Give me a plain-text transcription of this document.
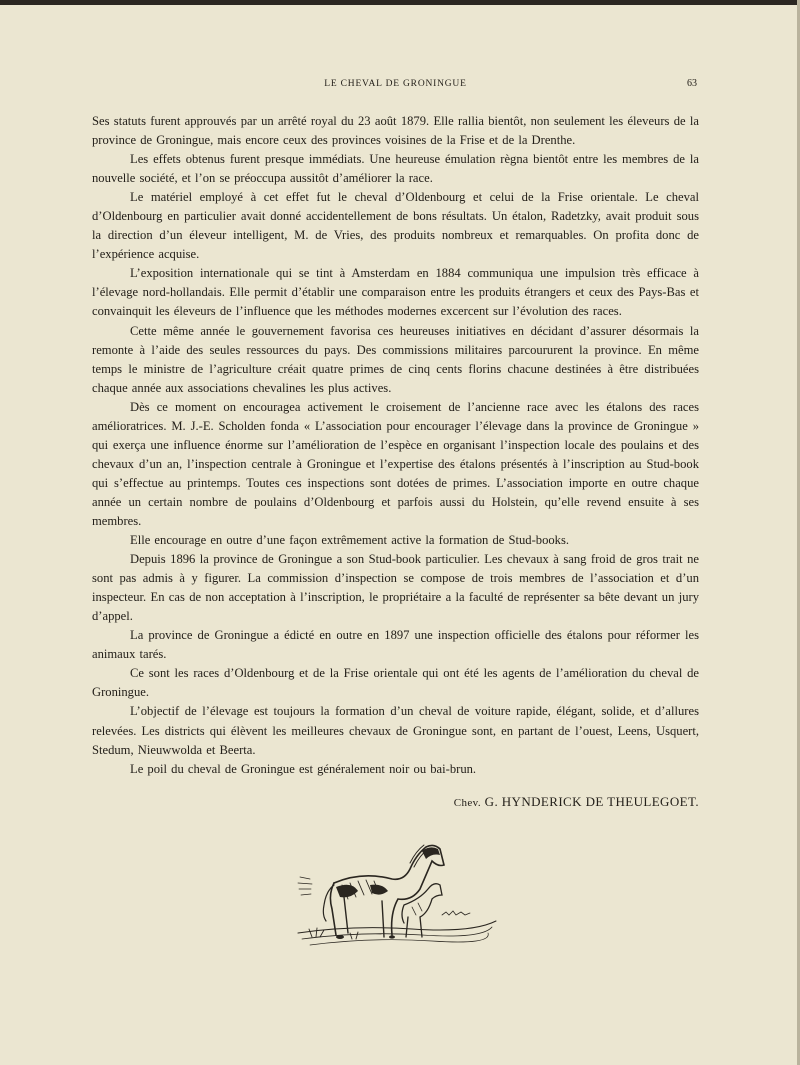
LE CHEVAL DE GRONINGUE	63

Ses statuts furent approuvés par un arrêté royal du 23 août 1879. Elle rallia bientôt, non seulement les éleveurs de la province de Groningue, mais encore ceux des provinces voisines de la Frise et de la Drenthe.

Les effets obtenus furent presque immédiats. Une heureuse émulation règna bientôt entre les membres de la nouvelle société, et l’on se préoccupa aussitôt d’améliorer la race.

Le matériel employé à cet effet fut le cheval d’Oldenbourg et celui de la Frise orientale. Le cheval d’Oldenbourg en particulier avait donné accidentellement de bons résultats. Un étalon, Radetzky, avait produit sous la direction d’un éleveur intelligent, M. de Vries, des produits nombreux et remarquables. On profita donc de l’expérience acquise.

L’exposition internationale qui se tint à Amsterdam en 1884 communiqua une impulsion très efficace à l’élevage nord-hollandais. Elle permit d’établir une comparaison entre les produits étrangers et ceux des Pays-Bas et convainquit les éleveurs de l’influence que les méthodes modernes excercent sur l’évolution des races.

Cette même année le gouvernement favorisa ces heureuses initiatives en décidant d’assurer désormais la remonte à l’aide des seules ressources du pays. Des commissions militaires parcoururent la province. En même temps le ministre de l’agriculture créait quatre primes de cinq cents florins chacune destinées à être distribuées chaque année aux associations chevalines les plus actives.

Dès ce moment on encouragea activement le croisement de l’ancienne race avec les étalons des races amélioratrices. M. J.-E. Scholden fonda « L’association pour encourager l’élevage dans la province de Groningue » qui exerça une influence énorme sur l’amélioration de l’espèce en organisant l’inspection locale des poulains et des chevaux d’un an, l’inspection centrale à Groningue et l’expertise des étalons présentés à l’inscription au Stud-book qui s’effectue au printemps. Toutes ces inspections sont dotées de primes. L’association importe en outre chaque année un certain nombre de poulains d’Oldenbourg et parfois aussi du Holstein, qu’elle revend ensuite à ses membres.

Elle encourage en outre d’une façon extrêmement active la formation de Stud-books.

Depuis 1896 la province de Groningue a son Stud-book particulier. Les chevaux à sang froid de gros trait ne sont pas admis à y figurer. La commission d’inspection se compose de trois membres de l’association et d’un inspecteur. En cas de non acceptation à l’inscription, le propriétaire a la faculté de représenter sa bête devant un jury d’appel.

La province de Groningue a édicté en outre en 1897 une inspection officielle des étalons pour réformer les animaux tarés.

Ce sont les races d’Oldenbourg et de la Frise orientale qui ont été les agents de l’amélioration du cheval de Groningue.

L’objectif de l’élevage est toujours la formation d’un cheval de voiture rapide, élégant, solide, et d’allures relevées. Les districts qui élèvent les meilleures chevaux de Groningue sont, en partant de l’ouest, Leens, Usquert, Stedum, Nieuwwolda et Beerta.

Le poil du cheval de Groningue est généralement noir ou bai-brun.

Chev. G. HYNDERICK DE THEULEGOET.
